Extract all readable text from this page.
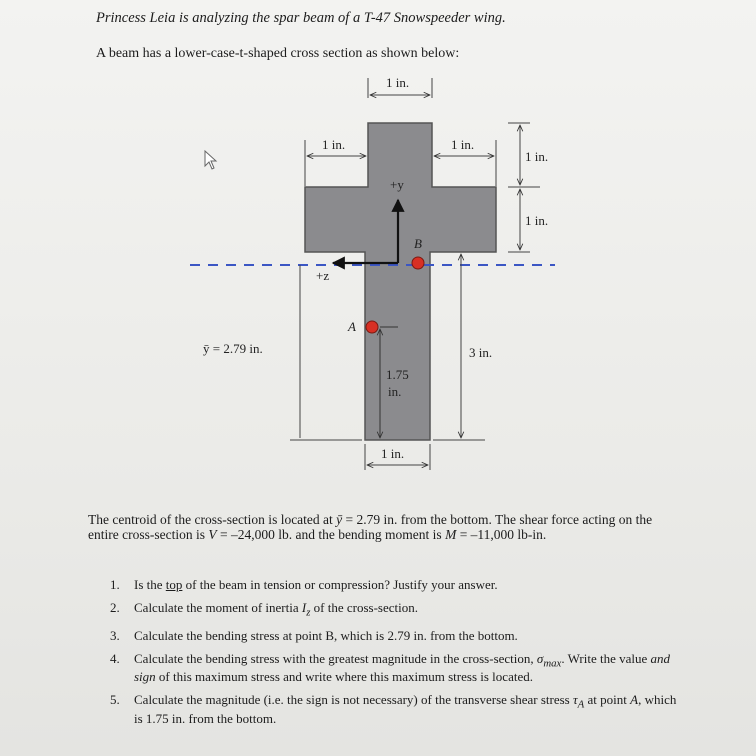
Princess Leia is analyzing the spar beam of a T-47 Snowspeeder wing.
A beam has a lower-case-t-shaped cross section as shown below:
+y
+z
B
A
1 in.
1 in.	1 in.
1 in.
1 in.
ȳ = 2.79 in.	3 in.
1.75
in.
1 in.
The centroid of the cross-section is located at ȳ = 2.79 in. from the bottom. The shear force acting on the entire cross-section is V = –24,000 lb. and the bending moment is M = –11,000 lb-in.
1. Is the top of the beam in tension or compression? Justify your answer.
2. Calculate the moment of inertia $I_z$ of the cross-section.
3. Calculate the bending stress at point B, which is 2.79 in. from the bottom.
4. Calculate the bending stress with the greatest magnitude in the cross-section, $\sigma_{max}$. Write the value and sign of this maximum stress and write where this maximum stress is located.
5. Calculate the magnitude (i.e. the sign is not necessary) of the transverse shear stress $\tau_A$ at point A, which is 1.75 in. from the bottom.
